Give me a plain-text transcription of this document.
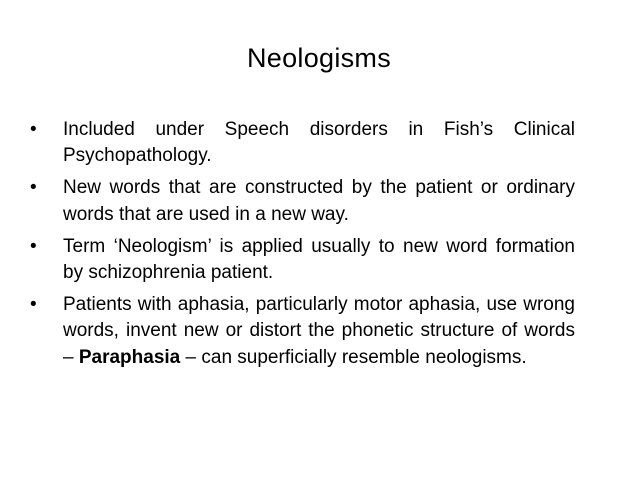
Neologisms
•	Included under Speech disorders in Fish’s Clinical Psychopathology.
•	New words that are constructed by the patient or ordinary words that are used in a new way.
•	Term ‘Neologism’ is applied usually to new word formation by schizophrenia patient.
•	Patients with aphasia, particularly motor aphasia, use wrong words, invent new or distort the phonetic structure of words – Paraphasia – can superficially resemble neologisms.
